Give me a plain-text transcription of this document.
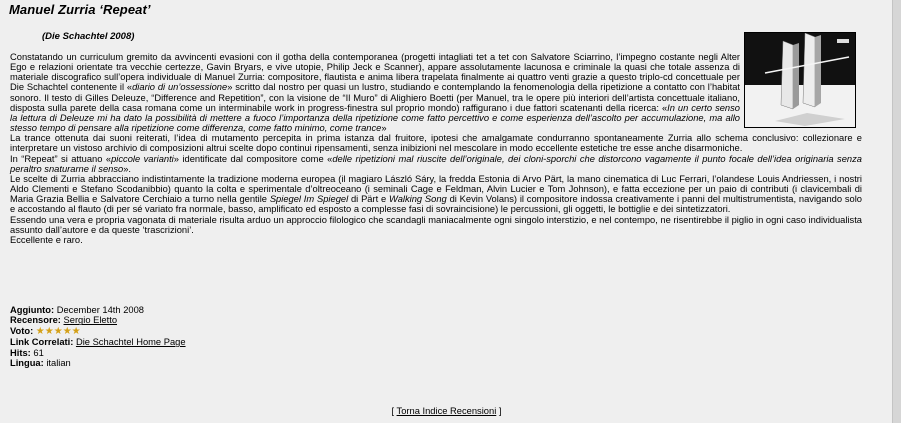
Manuel Zurria ‘Repeat’
(Die Schachtel 2008)

Constatando un curriculum gremito da avvincenti evasioni con il gotha della contemporanea (progetti intagliati tet a tet con Salvatore Sciarrino, l’impegno costante negli Alter Ego e relazioni orientate tra vecchie certezze, Gavin Bryars, e vive utopie, Philip Jeck e Scanner), appare assolutamente lacunosa e criminale la quasi che totale assenza di materiale discografico sull’opera individuale di Manuel Zurria: compositore, flautista e anima libera trapelata finalmente ai quattro venti grazie a questo triplo-cd concettuale per Die Schachtel contenente il «diario di un’ossessione» scritto dal nostro per quasi un lustro, studiando e contemplando la fenomenologia della ripetizione a contatto con l’habitat sonoro. Il testo di Gilles Deleuze, “Difference and Repetition”, con la visione de “Il Muro” di Alighiero Boetti (per Manuel, tra le opere più interiori dell’artista concettuale italiano, disposta sulla parete della casa romana come un interminabile work in progress-finestra sul proprio mondo) raffigurano i due fattori scatenanti della ricerca: «In un certo senso la lettura di Deleuze mi ha dato la possibilità di mettere a fuoco l’importanza della ripetizione come fatto percettivo e come esperienza dell’ascolto per accumulazione, ma allo stesso tempo di pensare alla ripetizione come differenza, come fatto minimo, come trance»

La trance ottenuta dai suoni reiterati, l’idea di mutamento percepita in prima istanza dal fruitore, ipotesi che amalgamate condurranno spontaneamente Zurria allo schema conclusivo: collezionare e interpretare un vistoso archivio di composizioni altrui scelte dopo continui ripensamenti, senza inibizioni nel mescolare in modo eccellente estetiche tre esse anche disarmoniche.

In “Repeat” si attuano «piccole varianti» identificate dal compositore come «delle ripetizioni mal riuscite dell’originale, dei cloni-sporchi che distorcono vagamente il punto focale dell’idea originaria senza peraltro snaturarne il senso».

Le scelte di Zurria abbracciano indistintamente la tradizione moderna europea (il magiaro László Sáry, la fredda Estonia di Arvo Pärt, la mano cinematica di Luc Ferrari, l’olandese Louis Andriessen, i nostri Aldo Clementi e Stefano Scodanibbio) quanto la colta e sperimentale d’oltreoceano (i seminali Cage e Feldman, Alvin Lucier e Tom Johnson), e fatta eccezione per un paio di contributi (i clavicembali di Maria Grazia Bellia e Salvatore Cerchiaio a turno nella gentile Spiegel Im Spiegel di Pärt e Walking Song di Kevin Volans) il compositore indossa creativamente i panni del multistrumentista, navigando solo e accostando al flauto (di per sé variato fra normale, basso, amplificato ed esposto a complesse fasi di sovraincisione) le percussioni, gli oggetti, le bottiglie e dei sintetizzatori.

Essendo una vera e propria vagonata di materiale risulta arduo un approccio filologico che scandagli maniacalmente ogni singolo interstizio, e nel contempo, ne risentirebbe il piglio in ogni caso individualista assunto dall’autore e da queste ‘trascrizioni’.

Eccellente e raro.

Aggiunto: December 14th 2008
Recensore: Sergio Eletto
Voto: ★★★★★
Link Correlati: Die Schachtel Home Page
Hits: 61
Lingua: italian
[ Torna Indice Recensioni ]
